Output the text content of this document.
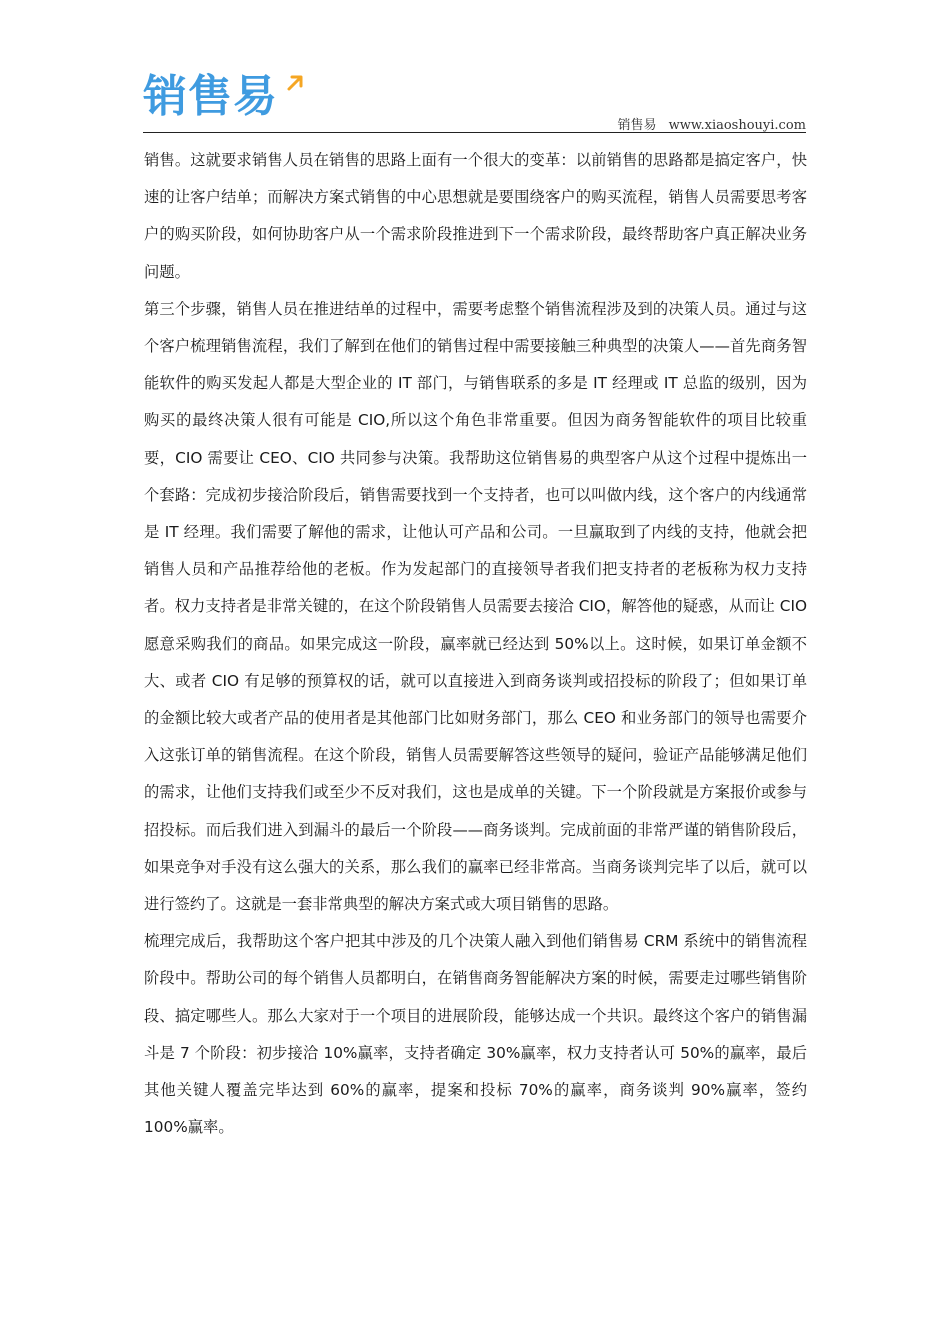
销售易
销售易 www.xiaoshouyi.com

销售。这就要求销售人员在销售的思路上面有一个很大的变革：以前销售的思路都是搞定客户，快速的让客户结单；而解决方案式销售的中心思想就是要围绕客户的购买流程，销售人员需要思考客户的购买阶段，如何协助客户从一个需求阶段推进到下一个需求阶段，最终帮助客户真正解决业务问题。

第三个步骤，销售人员在推进结单的过程中，需要考虑整个销售流程涉及到的决策人员。通过与这个客户梳理销售流程，我们了解到在他们的销售过程中需要接触三种典型的决策人——首先商务智能软件的购买发起人都是大型企业的 IT 部门，与销售联系的多是 IT 经理或 IT 总监的级别，因为购买的最终决策人很有可能是 CIO,所以这个角色非常重要。但因为商务智能软件的项目比较重要，CIO 需要让 CEO、CIO 共同参与决策。我帮助这位销售易的典型客户从这个过程中提炼出一个套路：完成初步接洽阶段后，销售需要找到一个支持者，也可以叫做内线，这个客户的内线通常是 IT 经理。我们需要了解他的需求，让他认可产品和公司。一旦赢取到了内线的支持，他就会把销售人员和产品推荐给他的老板。作为发起部门的直接领导者我们把支持者的老板称为权力支持者。权力支持者是非常关键的，在这个阶段销售人员需要去接洽 CIO，解答他的疑惑，从而让 CIO 愿意采购我们的商品。如果完成这一阶段，赢率就已经达到 50%以上。这时候，如果订单金额不大、或者 CIO 有足够的预算权的话，就可以直接进入到商务谈判或招投标的阶段了；但如果订单的金额比较大或者产品的使用者是其他部门比如财务部门，那么 CEO 和业务部门的领导也需要介入这张订单的销售流程。在这个阶段，销售人员需要解答这些领导的疑问，验证产品能够满足他们的需求，让他们支持我们或至少不反对我们，这也是成单的关键。下一个阶段就是方案报价或参与招投标。而后我们进入到漏斗的最后一个阶段——商务谈判。完成前面的非常严谨的销售阶段后，如果竞争对手没有这么强大的关系，那么我们的赢率已经非常高。当商务谈判完毕了以后，就可以进行签约了。这就是一套非常典型的解决方案式或大项目销售的思路。

梳理完成后，我帮助这个客户把其中涉及的几个决策人融入到他们销售易 CRM 系统中的销售流程阶段中。帮助公司的每个销售人员都明白，在销售商务智能解决方案的时候，需要走过哪些销售阶段、搞定哪些人。那么大家对于一个项目的进展阶段，能够达成一个共识。最终这个客户的销售漏斗是 7 个阶段：初步接洽 10%赢率，支持者确定 30%赢率，权力支持者认可 50%的赢率，最后其他关键人覆盖完毕达到 60%的赢率，提案和投标 70%的赢率，商务谈判 90%赢率，签约 100%赢率。
